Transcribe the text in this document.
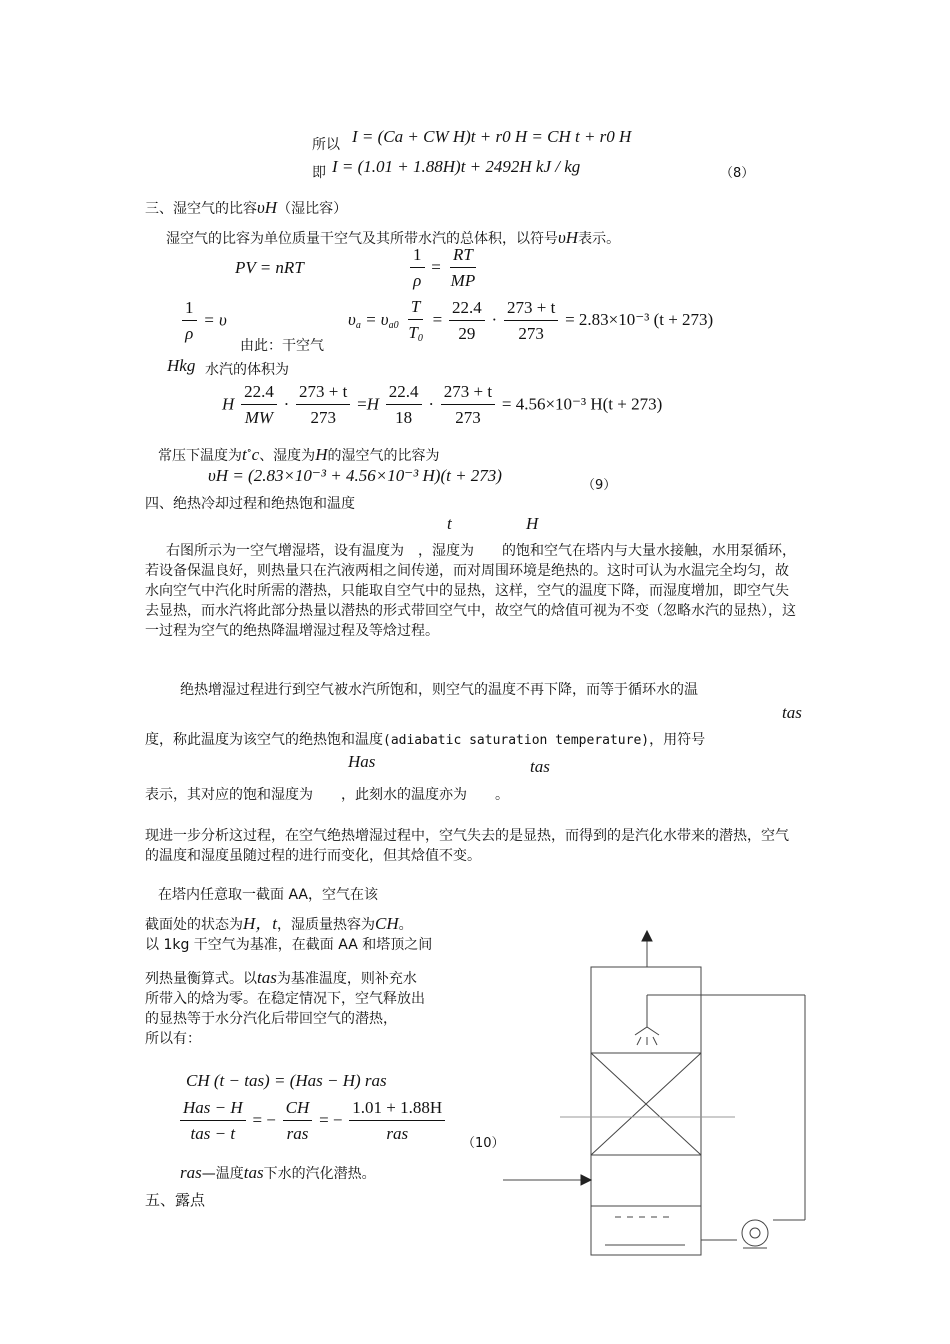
所以 I = (Ca + CW H)t + r0 H = CH t + r0 H
即 I = (1.01 + 1.88H)t + 2492H kJ / kg	（8）
三、湿空气的比容υH（湿比容）
湿空气的比容为单位质量干空气及其所带水汽的总体积，以符号υH表示。
PV = nRT	$\frac{1}{\rho} = \frac{RT}{MP}$
$\frac{1}{\rho} = \upsilon$	$\upsilon_a = \upsilon_{a0} \frac{T}{T_0} = \frac{22.4}{29} \cdot \frac{273 + t}{273} = 2.83\times 10^{-3}$ (t + 273)
由此：干空气
Hkg 水汽的体积为
H $\frac{22.4}{MW} \cdot \frac{273 + t}{273} =H \frac{22.4}{18} \cdot \frac{273 + t}{273} = 4.56\times 10^{-3}$ H(t + 273)
常压下温度为t∘c、湿度为H的湿空气的比容为
υH = (2.83×10⁻³ + 4.56×10⁻³ H)(t + 273)
（9）
四、绝热冷却过程和绝热饱和温度
t	H
右图所示为一空气增湿塔，设有温度为　，湿度为　　的饱和空气在塔内与大量水接触，水用泵循环，若设备保温良好，则热量只在汽液两相之间传递，而对周围环境是绝热的。这时可认为水温完全均匀，故水向空气中汽化时所需的潜热，只能取自空气中的显热，这样，空气的温度下降，而湿度增加，即空气失去显热，而水汽将此部分热量以潜热的形式带回空气中，故空气的焓值可视为不变（忽略水汽的显热），这一过程为空气的绝热降温增湿过程及等焓过程。
绝热增湿过程进行到空气被水汽所饱和，则空气的温度不再下降，而等于循环水的温
tas
度，称此温度为该空气的绝热饱和温度(adiabatic saturation temperature)，用符号
Has	tas
表示，其对应的饱和湿度为　　，此刻水的温度亦为　　。
现进一步分析这过程，在空气绝热增湿过程中，空气失去的是显热，而得到的是汽化水带来的潜热，空气的温度和湿度虽随过程的进行而变化，但其焓值不变。
在塔内任意取一截面 AA，空气在该
截面处的状态为H，t，湿质量热容为CH。
以 1kg 干空气为基准，在截面 AA 和塔顶之间
列热量衡算式。以tas为基准温度，则补充水
所带入的焓为零。在稳定情况下，空气释放出
的显热等于水分汽化后带回空气的潜热，
所以有：
CH (t − tas) = (Has − H) ras
$\frac{\text{Has − H}}{\text{tas − t}}$ = − $\frac{CH}{\text{ras}}$ = − $\frac{1.01 + 1.88H}{\text{ras}} (10)$
ras—温度tas下水的汽化潜热。
五、露点
